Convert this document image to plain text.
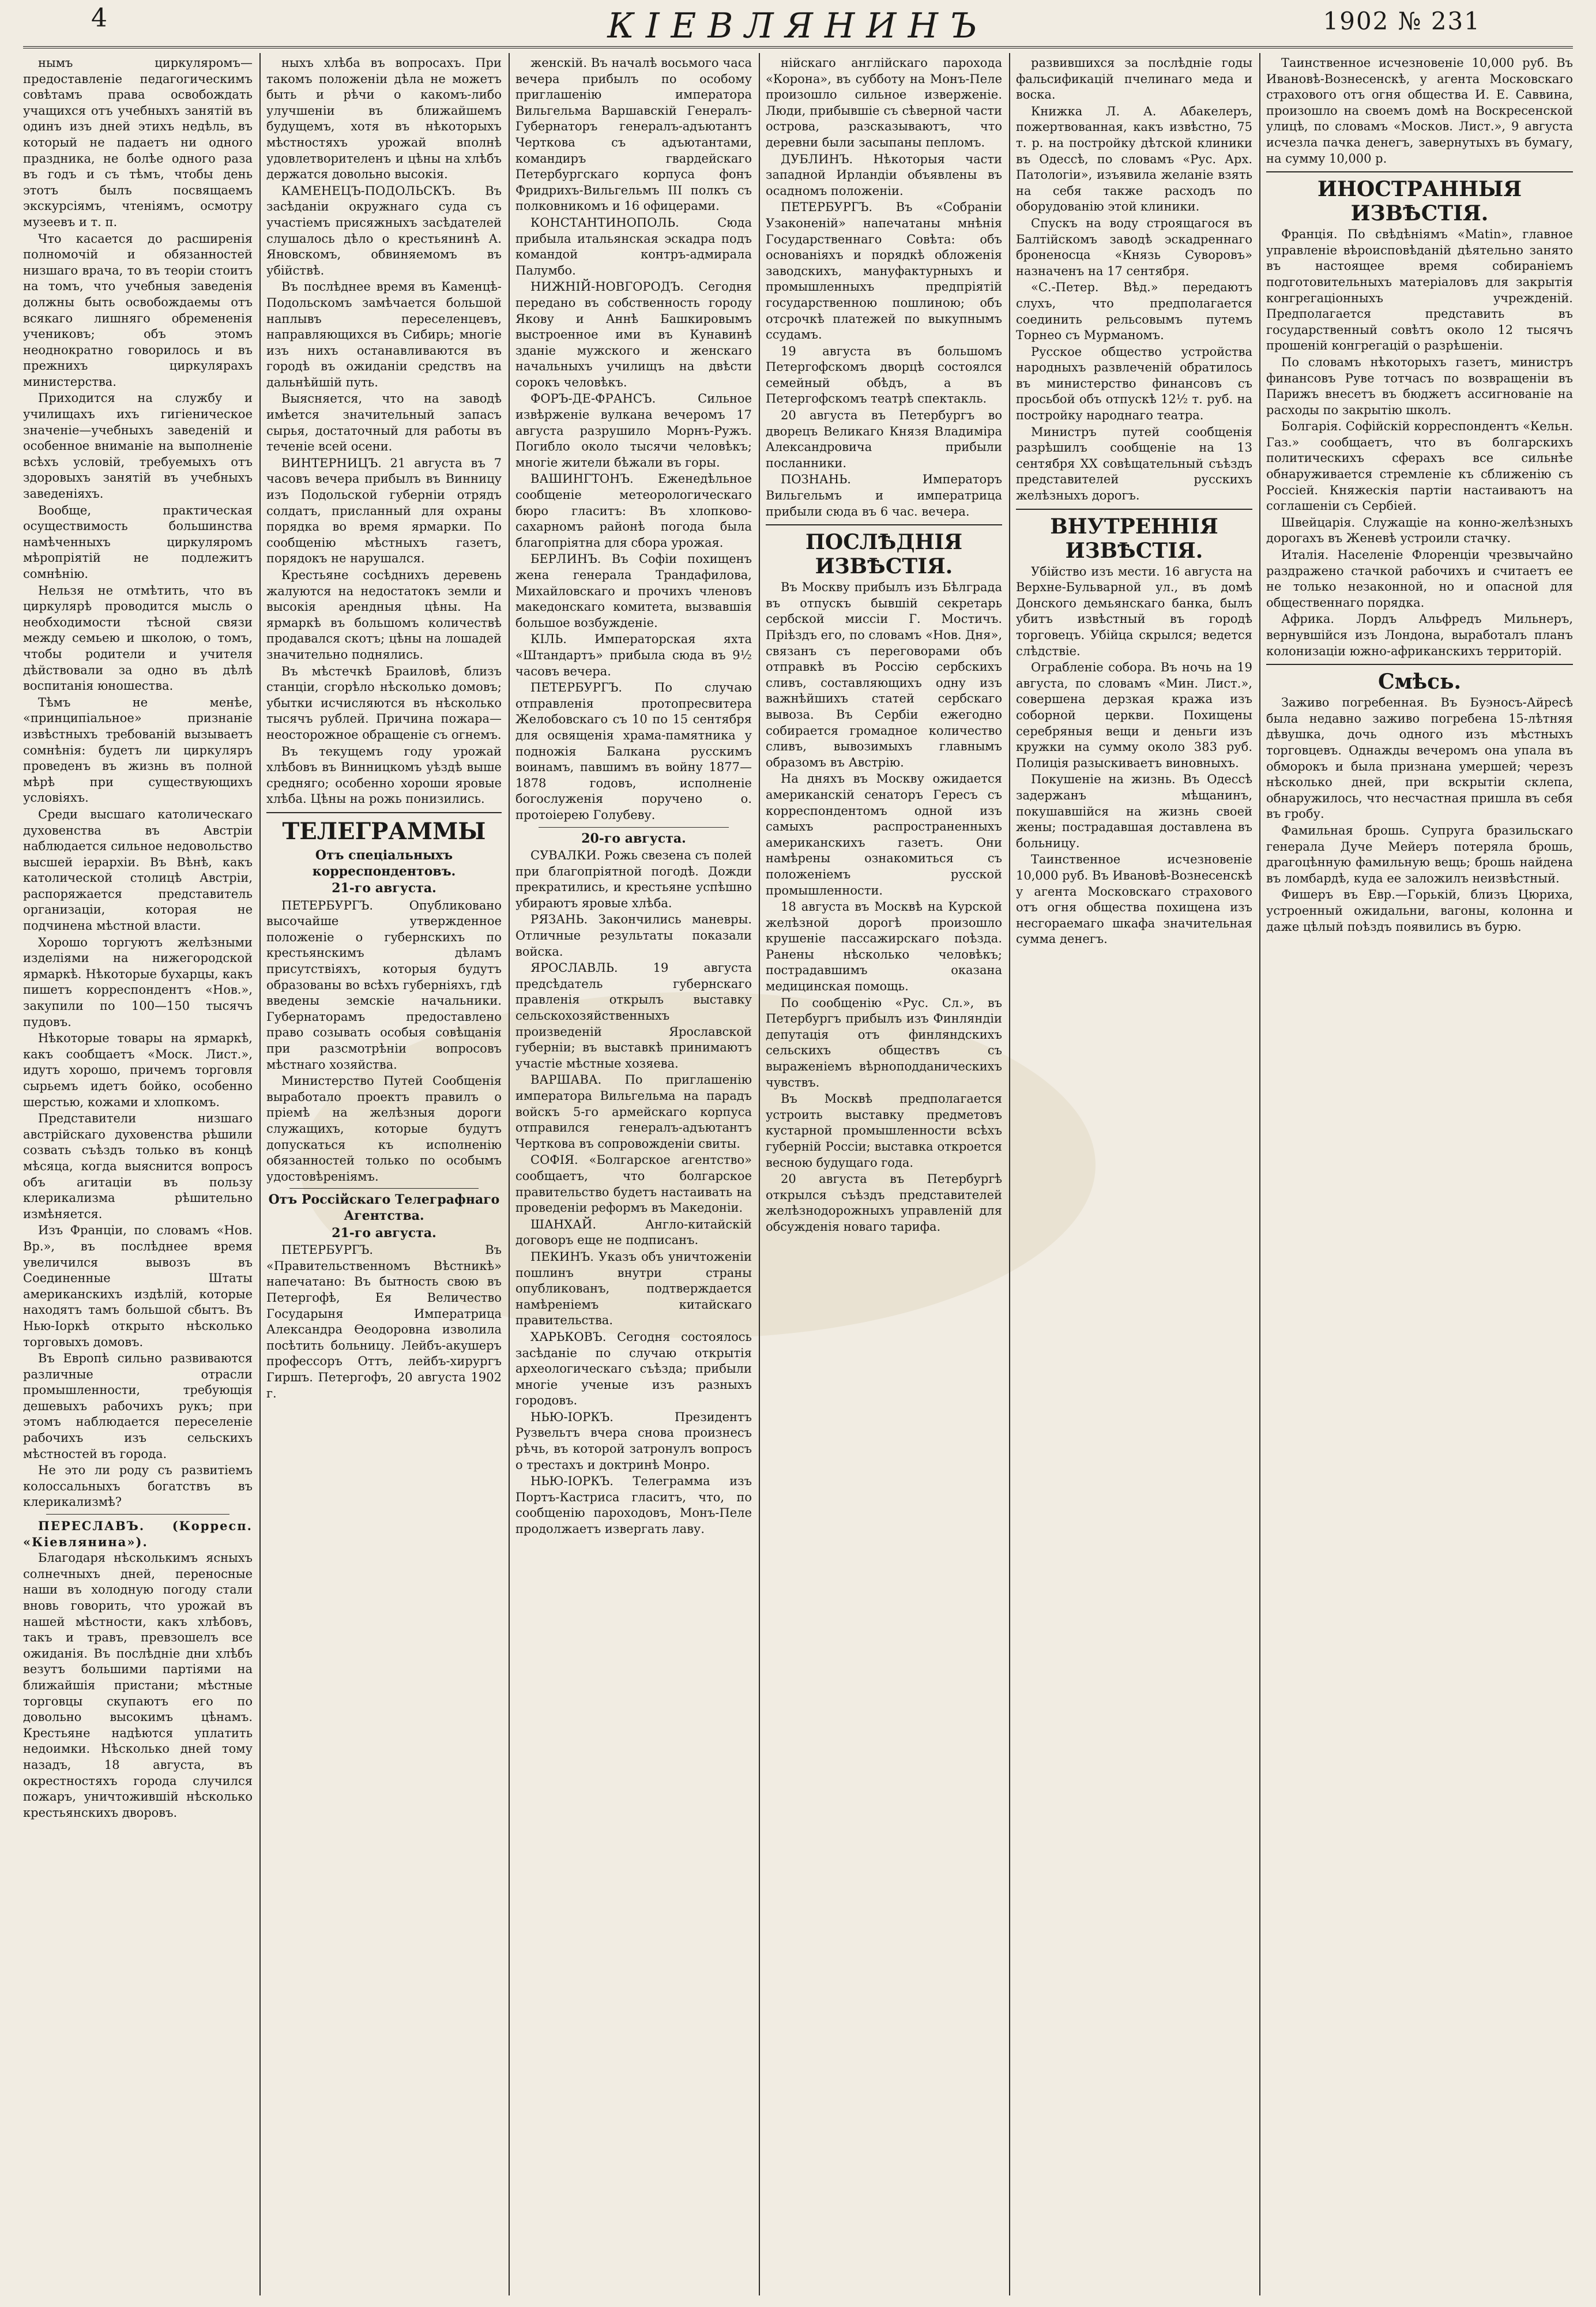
4	КІЕВЛЯНИНЪ	1902 № 231

нымъ циркуляромъ—предоставленіе педагогическимъ совѣтамъ права освобождать учащихся отъ учебныхъ занятій въ одинъ изъ дней этихъ недѣль, въ который не падаетъ ни одного праздника, не болѣе одного раза въ годъ и съ тѣмъ, чтобы день этотъ былъ посвящаемъ экскурсіямъ, чтеніямъ, осмотру музеевъ и т. п.

Что касается до расширенія полномочій и обязанностей низшаго врача, то въ теоріи стоитъ на томъ, что учебныя заведенія должны быть освобождаемы отъ всякаго лишняго обремененія учениковъ; объ этомъ неоднократно говорилось и въ прежнихъ циркулярахъ министерства.

Приходится на службу и училищахъ ихъ гигіеническое значеніе—учебныхъ заведеній и особенное вниманіе на выполненіе всѣхъ условій, требуемыхъ отъ здоровыхъ занятій въ учебныхъ заведеніяхъ.

Вообще, практическая осуществимость большинства намѣченныхъ циркуляромъ мѣропріятій не подлежитъ сомнѣнію.

Нельзя не отмѣтить, что въ циркулярѣ проводится мысль о необходимости тѣсной связи между семьею и школою, о томъ, чтобы родители и учителя дѣйствовали за одно въ дѣлѣ воспитанія юношества.

Тѣмъ не менѣе, «принципіальное» признаніе извѣстныхъ требованій вызываетъ сомнѣнія: будетъ ли циркуляръ проведенъ въ жизнь въ полной мѣрѣ при существующихъ условіяхъ.

Среди высшаго католическаго духовенства въ Австріи наблюдается сильное недовольство высшей іерархіи. Въ Вѣнѣ, какъ католической столицѣ Австріи, распоряжается представитель организаціи, которая не подчинена мѣстной власти.

Хорошо торгуютъ желѣзными изделіями на нижегородской ярмаркѣ. Нѣкоторые бухарцы, какъ пишетъ корреспондентъ «Нов.», закупили по 100—150 тысячъ пудовъ.

Нѣкоторые товары на ярмаркѣ, какъ сообщаетъ «Моск. Лист.», идутъ хорошо, причемъ торговля сырьемъ идетъ бойко, особенно шерстью, кожами и хлопкомъ.

Представители низшаго австрійскаго духовенства рѣшили созвать съѣздъ только въ концѣ мѣсяца, когда выяснится вопросъ объ агитаціи въ пользу клерикализма рѣшительно измѣняется.

Изъ Францiи, по словамъ «Нов. Вр.», въ послѣднее время увеличился вывозъ въ Соединенные Штаты американскихъ издѣлій, которые находятъ тамъ большой сбытъ. Въ Нью-Іоркѣ открыто нѣсколько торговыхъ домовъ.

Въ Европѣ сильно развиваются различные отрасли промышленности, требующія дешевыхъ рабочихъ рукъ; при этомъ наблюдается переселеніе рабочихъ изъ сельскихъ мѣстностей въ города.

Не это ли роду съ развитіемъ колоссальныхъ богатствъ въ клерикализмѣ?

ПЕРЕСЛАВЪ. (Корресп. «Кіевлянина»).

Благодаря нѣсколькимъ ясныхъ солнечныхъ дней, переносные наши въ холодную погоду стали вновь говорить, что урожай въ нашей мѣстности, какъ хлѣбовъ, такъ и травъ, превзошелъ все ожиданія. Въ послѣдніе дни хлѣбъ везутъ большими партіями на ближайшія пристани; мѣстные торговцы скупаютъ его по довольно высокимъ цѣнамъ. Крестьяне надѣются уплатить недоимки. Нѣсколько дней тому назадъ, 18 августа, въ окрестностяхъ города случился пожаръ, уничтожившій нѣсколько крестьянскихъ дворовъ.

ныхъ хлѣба въ вопросахъ. При такомъ положеніи дѣла не можетъ быть и рѣчи о какомъ-либо улучшеніи въ ближайшемъ будущемъ, хотя въ нѣкоторыхъ мѣстностяхъ урожай вполнѣ удовлетворителенъ и цѣны на хлѣбъ держатся довольно высокія.

КАМЕНЕЦЪ-ПОДОЛЬСКЪ. Въ засѣданіи окружнаго суда съ участіемъ присяжныхъ засѣдателей слушалось дѣло о крестьянинѣ А. Яновскомъ, обвиняемомъ въ убійствѣ.

Въ послѣднее время въ Каменцѣ-Подольскомъ замѣчается большой наплывъ переселенцевъ, направляющихся въ Сибирь; многіе изъ нихъ останавливаются въ городѣ въ ожиданіи средствъ на дальнѣйшій путь.

Выясняется, что на заводѣ имѣется значительный запасъ сырья, достаточный для работы въ теченіе всей осени.

ВИНТЕРНИЦЪ. 21 августа въ 7 часовъ вечера прибылъ въ Винницу изъ Подольской губерніи отрядъ солдатъ, присланный для охраны порядка во время ярмарки. По сообщенію мѣстныхъ газетъ, порядокъ не нарушался.

Крестьяне сосѣднихъ деревень жалуются на недостатокъ земли и высокія арендныя цѣны. На ярмаркѣ въ большомъ количествѣ продавался скотъ; цѣны на лошадей значительно поднялись.

Въ мѣстечкѣ Браиловѣ, близъ станціи, сгорѣло нѣсколько домовъ; убытки исчисляются въ нѣсколько тысячъ рублей. Причина пожара—неосторожное обращеніе съ огнемъ.

Въ текущемъ году урожай хлѣбовъ въ Винницкомъ уѣздѣ выше средняго; особенно хороши яровые хлѣба. Цѣны на рожь понизились.

ТЕЛЕГРАММЫ
Отъ спеціальныхъ корреспондентовъ.
21-го августа.

ПЕТЕРБУРГЪ. Опубликовано высочайше утвержденное положеніе о губернскихъ по крестьянскимъ дѣламъ присутствіяхъ, которыя будутъ образованы во всѣхъ губерніяхъ, гдѣ введены земскіе начальники. Губернаторамъ предоставлено право созывать особыя совѣщанія при разсмотрѣніи вопросовъ мѣстнаго хозяйства.

Министерство Путей Сообщенія выработало проектъ правилъ о пріемѣ на желѣзныя дороги служащихъ, которые будутъ допускаться къ исполненію обязанностей только по особымъ удостовѣреніямъ.

Отъ Россійскаго Телеграфнаго Агентства.
21-го августа.

ПЕТЕРБУРГЪ. Въ «Правительственномъ Вѣстникѣ» напечатано: Въ бытность свою въ Петергофѣ, Ея Величество Государыня Императрица Александра Ѳеодоровна изволила посѣтить больницу. Лейбъ-акушеръ профессоръ Оттъ, лейбъ-хирургъ Гиршъ. Петергофъ, 20 августа 1902 г.

женскій. Въ началѣ восьмого часа вечера прибылъ по особому приглашенію императора Вильгельма Варшавскій Генералъ-Губернаторъ генералъ-адъютантъ Черткова съ адъютантами, командиръ гвардейскаго Петербургскаго корпуса фонъ Фридрихъ-Вильгельмъ III полкъ съ полковникомъ и 16 офицерами.

КОНСТАНТИНОПОЛЬ. Сюда прибыла итальянская эскадра подъ командой контръ-адмирала Палумбо.

НИЖНІЙ-НОВГОРОДЪ. Сегодня передано въ собственность городу Якову и Аннѣ Башкировымъ выстроенное ими въ Кунавинѣ зданіе мужского и женскаго начальныхъ училищъ на двѣсти сорокъ человѣкъ.

ФОРЪ-ДЕ-ФРАНСЪ. Сильное извѣрженіе вулкана вечеромъ 17 августа разрушило Морнъ-Ружъ. Погибло около тысячи человѣкъ; многіе жители бѣжали въ горы.

ВАШИНГТОНЪ. Еженедѣльное сообщеніе метеорологическаго бюро гласитъ: Въ хлопково-сахарномъ районѣ погода была благопріятна для сбора урожая.

БЕРЛИНЪ. Въ Софіи похищенъ жена генерала Трандафилова, Михайловскаго и прочихъ членовъ македонскаго комитета, вызвавшія большое возбужденіе.

КІЛЬ. Императорская яхта «Штандартъ» прибыла сюда въ 9½ часовъ вечера.

ПЕТЕРБУРГЪ. По случаю отправленія протопресвитера Желобовскаго съ 10 по 15 сентября для освященія храма-памятника у подножія Балкана русскимъ воинамъ, павшимъ въ войну 1877—1878 годовъ, исполненіе богослуженія поручено о. протоіерею Голубеву.

20-го августа.

СУВАЛКИ. Рожь свезена съ полей при благопріятной погодѣ. Дожди прекратились, и крестьяне успѣшно убираютъ яровые хлѣба.

РЯЗАНЬ. Закончились маневры. Отличные результаты показали войска.

ЯРОСЛАВЛЬ. 19 августа предсѣдатель губернскаго правленія открылъ выставку сельскохозяйственныхъ произведеній Ярославской губерніи; въ выставкѣ принимаютъ участіе мѣстные хозяева.

ВАРШАВА. По приглашенію императора Вильгельма на парадъ войскъ 5-го армейскаго корпуса отправился генералъ-адъютантъ Черткова въ сопровожденіи свиты.

СОФІЯ. «Болгарское агентство» сообщаетъ, что болгарское правительство будетъ настаивать на проведеніи реформъ въ Македоніи.

ШАНХАЙ. Англо-китайскій договоръ еще не подписанъ.

ПЕКИНЪ. Указъ объ уничтоженіи пошлинъ внутри страны опубликованъ, подтверждается намѣреніемъ китайскаго правительства.

ХАРЬКОВЪ. Сегодня состоялось засѣданіе по случаю открытія археологическаго съѣзда; прибыли многіе ученые изъ разныхъ городовъ.

НЬЮ-ІОРКЪ. Президентъ Рузвельтъ вчера снова произнесъ рѣчь, въ которой затронулъ вопросъ о трестахъ и доктринѣ Монро.

НЬЮ-ІОРКЪ. Телеграмма изъ Портъ-Кастриса гласитъ, что, по сообщенію пароходовъ, Монъ-Пеле продолжаетъ извергать лаву.

нійскаго англійскаго парохода «Корона», въ субботу на Монъ-Пеле произошло сильное изверженіе. Люди, прибывшіе съ сѣверной части острова, разсказываютъ, что деревни были засыпаны пепломъ.

ДУБЛИНЪ. Нѣкоторыя части западной Ирландіи объявлены въ осадномъ положеніи.

ПЕТЕРБУРГЪ. Въ «Собраніи Узаконеній» напечатаны мнѣнія Государственнаго Совѣта: объ основаніяхъ и порядкѣ обложенія заводскихъ, мануфактурныхъ и промышленныхъ предпріятій государственною пошлиною; объ отсрочкѣ платежей по выкупнымъ ссудамъ.

19 августа въ большомъ Петергофскомъ дворцѣ состоялся семейный обѣдъ, а въ Петергофскомъ театрѣ спектакль.

20 августа въ Петербургъ во дворецъ Великаго Князя Владиміра Александровича прибыли посланники.

ПОЗНАНЬ. Императоръ Вильгельмъ и императрица прибыли сюда въ 6 час. вечера.

ПОСЛѢДНІЯ ИЗВѢСТІЯ.

Въ Москву прибылъ изъ Бѣлграда въ отпускъ бывшій секретарь сербской миссіи Г. Мостичъ. Пріѣздъ его, по словамъ «Нов. Дня», связанъ съ переговорами объ отправкѣ въ Россію сербскихъ сливъ, составляющихъ одну изъ важнѣйшихъ статей сербскаго вывоза. Въ Сербіи ежегодно собирается громадное количество сливъ, вывозимыхъ главнымъ образомъ въ Австрію.

На дняхъ въ Москву ожидается американскій сенаторъ Гересъ съ корреспондентомъ одной изъ самыхъ распространенныхъ американскихъ газетъ. Они намѣрены ознакомиться съ положеніемъ русской промышленности.

18 августа въ Москвѣ на Курской желѣзной дорогѣ произошло крушеніе пассажирскаго поѣзда. Ранены нѣсколько человѣкъ; пострадавшимъ оказана медицинская помощь.

По сообщенію «Рус. Сл.», въ Петербургъ прибылъ изъ Финляндіи депутація отъ финляндскихъ сельскихъ обществъ съ выраженіемъ вѣрноподданическихъ чувствъ.

Въ Москвѣ предполагается устроить выставку предметовъ кустарной промышленности всѣхъ губерній Россіи; выставка откроется весною будущаго года.

20 августа въ Петербургѣ открылся съѣздъ представителей желѣзнодорожныхъ управленій для обсужденія новаго тарифа.

развившихся за послѣдніе годы фальсификацій пчелинаго меда и воска.

Книжка Л. А. Абакелеръ, пожертвованная, какъ извѣстно, 75 т. р. на постройку дѣтской клиники въ Одессѣ, по словамъ «Рус. Арх. Патологіи», изъявила желаніе взять на себя также расходъ по оборудованію этой клиники.

Спускъ на воду строящагося въ Балтійскомъ заводѣ эскадреннаго броненосца «Князь Суворовъ» назначенъ на 17 сентября.

«С.-Петер. Вѣд.» передаютъ слухъ, что предполагается соединить рельсовымъ путемъ Торнео съ Мурманомъ.

Русское общество устройства народныхъ развлеченій обратилось въ министерство финансовъ съ просьбой объ отпускѣ 12½ т. руб. на постройку народнаго театра.

Министръ путей сообщенія разрѣшилъ сообщеніе на 13 сентября XX совѣщательный съѣздъ представителей русскихъ желѣзныхъ дорогъ.

ВНУТРЕННІЯ ИЗВѢСТІЯ.

Убійство изъ мести. 16 августа на Верхне-Бульварной ул., въ домѣ Донского демьянскаго банка, былъ убитъ извѣстный въ городѣ торговецъ. Убійца скрылся; ведется слѣдствіе.

Ограбленіе собора. Въ ночь на 19 августа, по словамъ «Мин. Лист.», совершена дерзкая кража изъ соборной церкви. Похищены серебряныя вещи и деньги изъ кружки на сумму около 383 руб. Полиція разыскиваетъ виновныхъ.

Покушеніе на жизнь. Въ Одессѣ задержанъ мѣщанинъ, покушавшійся на жизнь своей жены; пострадавшая доставлена въ больницу.

Таинственное исчезновеніе 10,000 руб. Въ Ивановѣ-Вознесенскѣ у агента Московскаго страхового отъ огня общества похищена изъ несгораемаго шкафа значительная сумма денегъ.

Таинственное исчезновеніе 10,000 руб. Въ Ивановѣ-Вознесенскѣ, у агента Московскаго страхового отъ огня общества И. Е. Саввина, произошло на своемъ домѣ на Воскресенской улицѣ, по словамъ «Москов. Лист.», 9 августа исчезла пачка денегъ, завернутыхъ въ бумагу, на сумму 10,000 р.

ИНОСТРАННЫЯ ИЗВѢСТІЯ.

Франція. По свѣдѣніямъ «Matin», главное управленіе вѣроисповѣданій дѣятельно занято въ настоящее время собираніемъ подготовительныхъ матеріаловъ для закрытія конгрегаціонныхъ учрежденій. Предполагается представить въ государственный совѣтъ около 12 тысячъ прошеній конгрегацій о разрѣшеніи.

По словамъ нѣкоторыхъ газетъ, министръ финансовъ Руве тотчасъ по возвращеніи въ Парижъ внесетъ въ бюджетъ ассигнованіе на расходы по закрытію школъ.

Болгарія. Софійскій корреспондентъ «Кельн. Газ.» сообщаетъ, что въ болгарскихъ политическихъ сферахъ все сильнѣе обнаруживается стремленіе къ сближенію съ Россіей. Княжескія партіи настаиваютъ на соглашеніи съ Сербіей.

Швейцарія. Служащіе на конно-желѣзныхъ дорогахъ въ Женевѣ устроили стачку.

Италія. Населеніе Флоренціи чрезвычайно раздражено стачкой рабочихъ и считаетъ ее не только незаконной, но и опасной для общественнаго порядка.

Африка. Лордъ Альфредъ Мильнеръ, вернувшійся изъ Лондона, выработалъ планъ колонизаціи южно-африканскихъ территорій.

Смѣсь.

Заживо погребенная. Въ Буэносъ-Айресѣ была недавно заживо погребена 15-лѣтняя дѣвушка, дочь одного изъ мѣстныхъ торговцевъ. Однажды вечеромъ она упала въ обморокъ и была признана умершей; черезъ нѣсколько дней, при вскрытіи склепа, обнаружилось, что несчастная пришла въ себя въ гробу.

Фамильная брошь. Супруга бразильскаго генерала Дуче Мейеръ потеряла брошь, драгоцѣнную фамильную вещь; брошь найдена въ ломбардѣ, куда ее заложилъ неизвѣстный.

Фишеръ въ Евр.—Горькій, близъ Цюриха, устроенный ожидальни, вагоны, колонна и даже цѣлый поѣздъ появились въ бурю.
